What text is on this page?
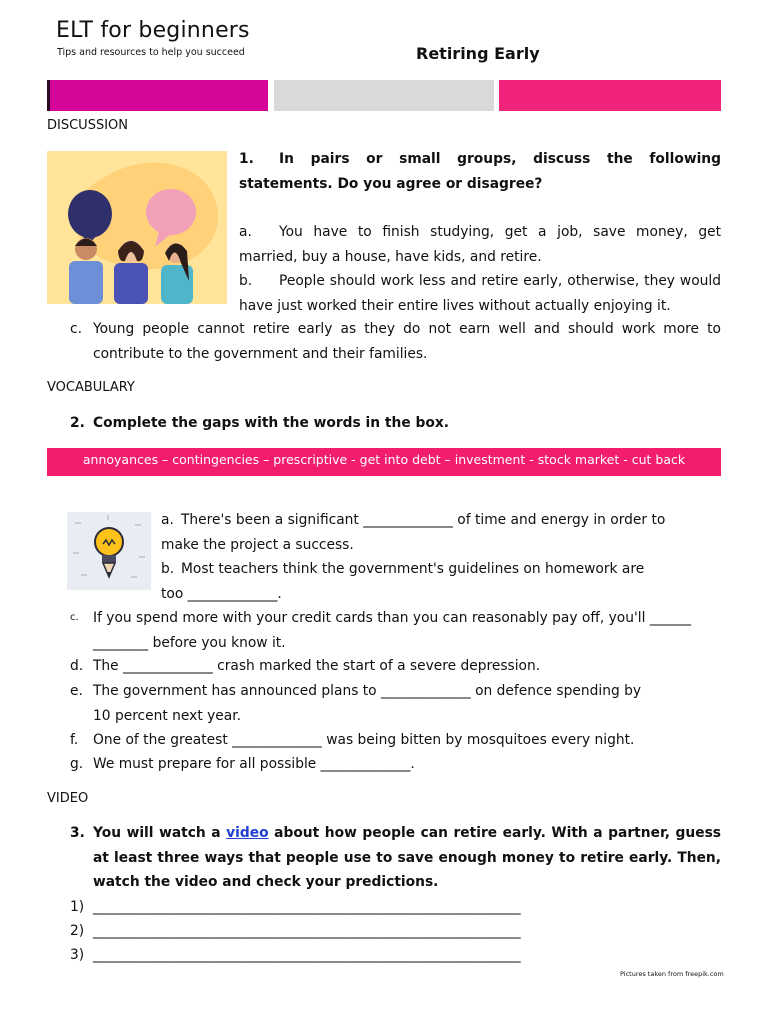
ELT for beginners
Tips and resources to help you succeed	Retiring Early
DISCUSSION
1.	In pairs or small groups, discuss the following
statements. Do you agree or disagree?
a.	You have to finish studying, get a job, save money, get
married, buy a house, have kids, and retire.
b.	People should work less and retire early, otherwise, they would
have just worked their entire lives without actually enjoying it.
c. Young people cannot retire early as they do not earn well and should work more to
contribute to the government and their families.
VOCABULARY
2. Complete the gaps with the words in the box.
annoyances – contingencies – prescriptive - get into debt – investment - stock market - cut back
a. There's been a significant _____________ of time and energy in order to
make the project a success.
b. Most teachers think the government's guidelines on homework are
too _____________.
c.	If you spend more with your credit cards than you can reasonably pay off, you'll ______
________ before you know it.
d. The _____________ crash marked the start of a severe depression.
e. The government has announced plans to _____________ on defence spending by
10 percent next year.
f. One of the greatest _____________ was being bitten by mosquitoes every night.
g. We must prepare for all possible _____________.
VIDEO
3. You will watch a video about how people can retire early. With a partner, guess
at least three ways that people use to save enough money to retire early. Then,
watch the video and check your predictions.
1) ______________________________________________________________
2) ______________________________________________________________
3) ______________________________________________________________
Pictures taken from freepik.com
